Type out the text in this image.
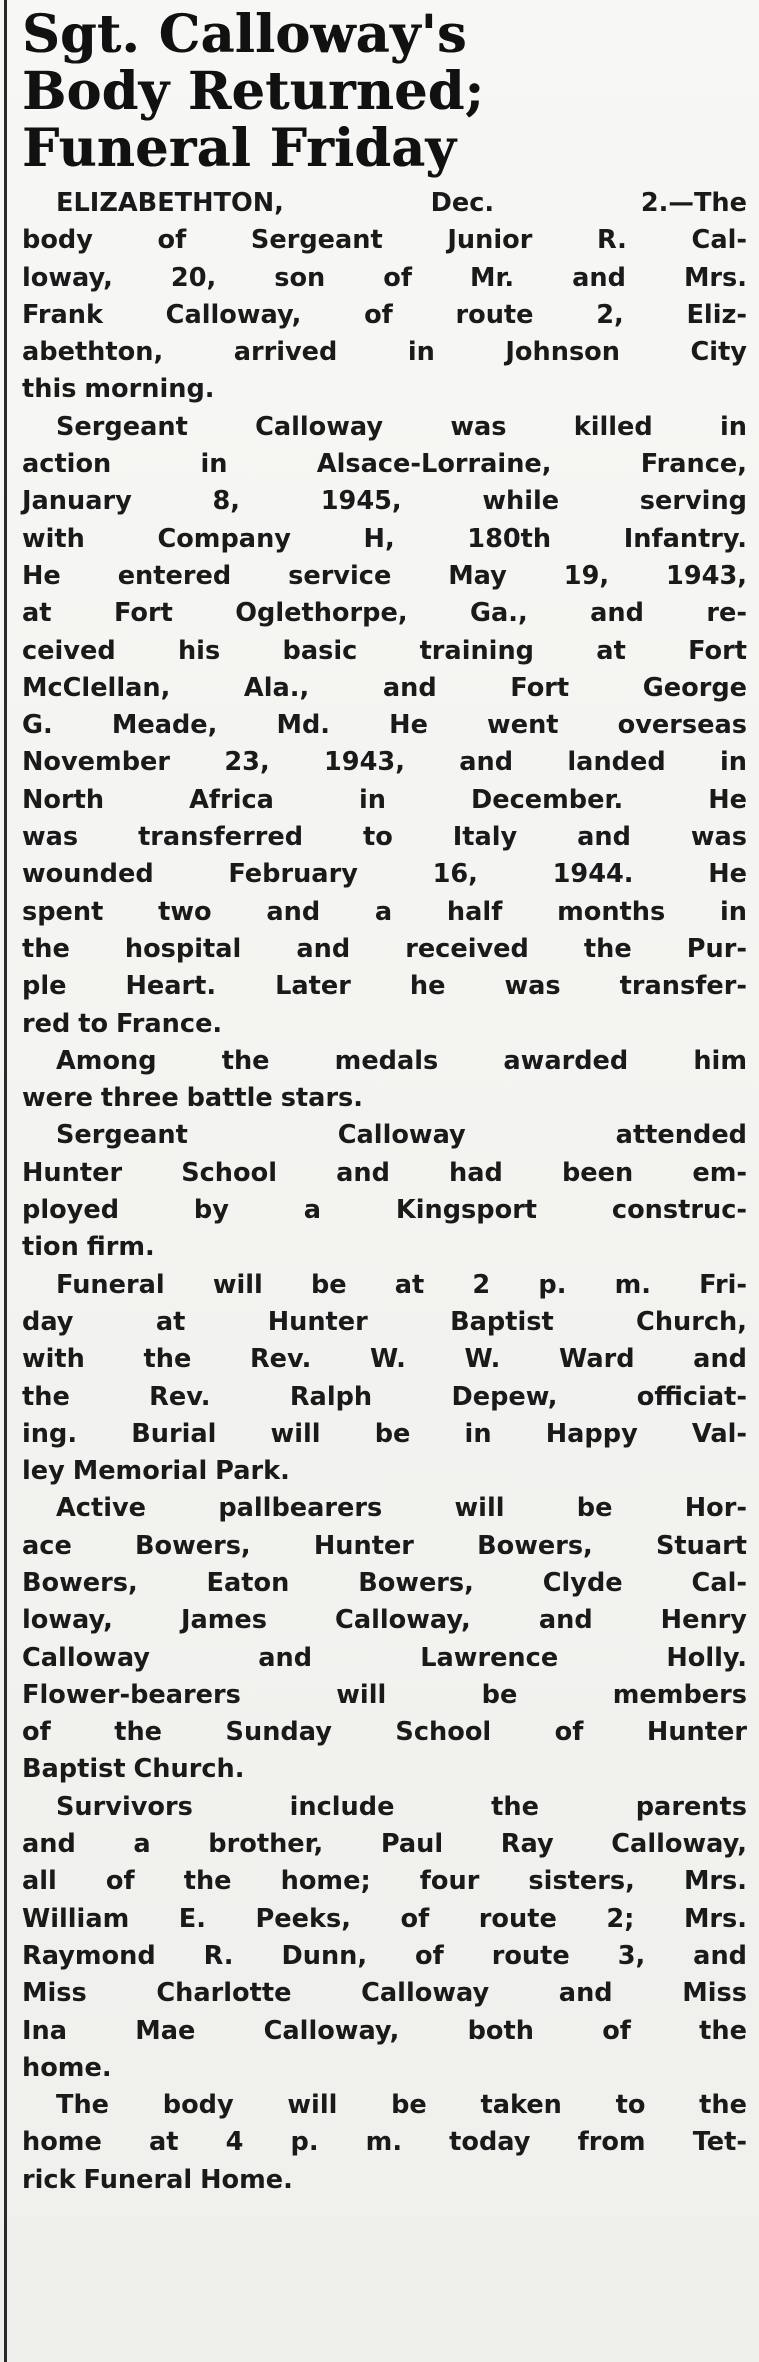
Sgt. Calloway's
Body Returned;
Funeral Friday

ELIZABETHTON, Dec. 2.—The
body of Sergeant Junior R. Cal-
loway, 20, son of Mr. and Mrs.
Frank Calloway, of route 2, Eliz-
abethton, arrived in Johnson City
this morning.

Sergeant Calloway was killed in
action in Alsace-Lorraine, France,
January 8, 1945, while serving
with Company H, 180th Infantry.
He entered service May 19, 1943,
at Fort Oglethorpe, Ga., and re-
ceived his basic training at Fort
McClellan, Ala., and Fort George
G. Meade, Md. He went overseas
November 23, 1943, and landed in
North Africa in December. He
was transferred to Italy and was
wounded February 16, 1944. He
spent two and a half months in
the hospital and received the Pur-
ple Heart. Later he was transfer-
red to France.

Among the medals awarded him
were three battle stars.

Sergeant Calloway attended
Hunter School and had been em-
ployed by a Kingsport construc-
tion firm.

Funeral will be at 2 p. m. Fri-
day at Hunter Baptist Church,
with the Rev. W. W. Ward and
the Rev. Ralph Depew, officiat-
ing. Burial will be in Happy Val-
ley Memorial Park.

Active pallbearers will be Hor-
ace Bowers, Hunter Bowers, Stuart
Bowers, Eaton Bowers, Clyde Cal-
loway, James Calloway, and Henry
Calloway and Lawrence Holly.
Flower-bearers will be members
of the Sunday School of Hunter
Baptist Church.

Survivors include the parents
and a brother, Paul Ray Calloway,
all of the home; four sisters, Mrs.
William E. Peeks, of route 2; Mrs.
Raymond R. Dunn, of route 3, and
Miss Charlotte Calloway and Miss
Ina Mae Calloway, both of the
home.

The body will be taken to the
home at 4 p. m. today from Tet-
rick Funeral Home.
